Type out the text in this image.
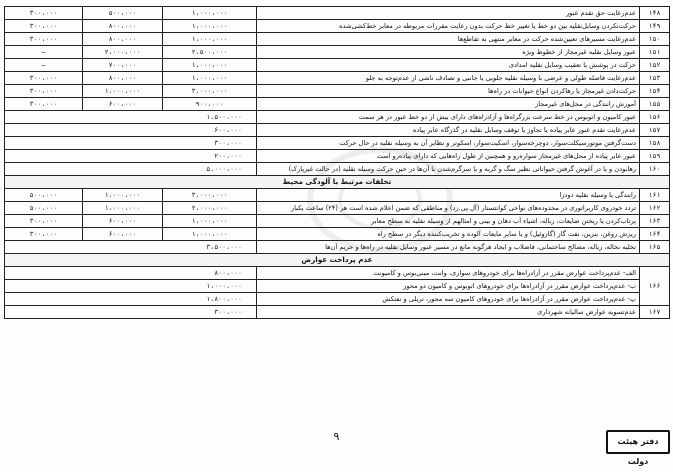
۱۴۸	عدم‌رعایت حق تقدم عبور	۱،۰۰۰،۰۰۰	۵۰۰،۰۰۰	۳۰۰،۰۰۰
۱۴۹	حرکت‌نکردن وسایل‌نقلیه بین دو خط یا تغییر خط حرکت بدون رعایت مقررات مربوطه در معابر خط‌کشی‌شده	۱،۰۰۰،۰۰۰	۸۰۰،۰۰۰	۳۰۰،۰۰۰
۱۵۰	عدم‌رعایت مسیرهای تعیین‌شده حرکت در معابر منتهی به تقاطع‌ها	۱،۰۰۰،۰۰۰	۸۰۰،۰۰۰	۳۰۰،۰۰۰
۱۵۱	عبور وسایل نقلیه غیرمجاز از خطوط ویژه	۲،۵۰۰،۰۰۰	۲،۰۰۰،۰۰۰	—
۱۵۲	حرکت در پوشش یا تعقیب وسایل نقلیه امدادی	۱،۰۰۰،۰۰۰	۷۰۰،۰۰۰	—
۱۵۳	عدم‌رعایت فاصله طولی و عرضی با وسیله نقلیه جلویی یا جانبی و تصادف ناشی از عدم‌توجه به جلو	۱،۰۰۰،۰۰۰	۸۰۰،۰۰۰	۳۰۰،۰۰۰
۱۵۴	حرکت‌دادن غیرمجاز یا رهاکردن انواع حیوانات در راه‌ها	۳،۰۰۰،۰۰۰	۱،۰۰۰،۰۰۰	۳۰۰،۰۰۰
۱۵۵	آموزش رانندگی در محل‌های غیرمجاز	۹۰۰،۰۰۰	۶۰۰،۰۰۰	۳۰۰،۰۰۰
۱۵۶	عبور کامیون و اتوبوس در خط سرعت بزرگراه‌ها و آزادراه‌های دارای بیش از دو خط عبور در هر سمت	۱،۵۰۰،۰۰۰		
۱۵۷	عدم‌رعایت تقدم عبور عابر پیاده یا تجاوز یا توقف وسایل نقلیه در گذرگاه عابر پیاده	۶۰۰،۰۰۰		
۱۵۸	دست‌گرفتن موتورسیکلت‌سوار، دوچرخه‌سوار، اسکیت‌سوار، اسکوتر و نظایر آن به وسیله نقلیه در حال حرکت	۳۰۰،۰۰۰		
۱۵۹	عبور عابر پیاده از محل‌های غیرمجاز سواره‌رو و همچنین از طول راه‌هایی که دارای پیاده‌رو است	۲۰۰،۰۰۰		
۱۶۰	رهابودن و یا در آغوش گرفتن حیواناتی نظیر سگ و گربه و یا سرگرم‌شدن با آن‌ها در حین حرکت وسیله نقلیه (در حالت غیرپارک)	۵،۰۰۰،۰۰۰		
تخلفات مرتبط با آلودگی محیط				
۱۶۱	رانندگی با وسیله نقلیه دودزا	۳،۰۰۰،۰۰۰	۱،۰۰۰،۰۰۰	۵۰۰،۰۰۰
۱۶۲	تردد خودروی کاربراتوری در محدوده‌های نواحی کوانتستار (آل.پی.زد) و مناطقی که ضمن اعلام شده است هر (۲۴) ساعت یکبار	۲،۰۰۰،۰۰۰	۱،۰۰۰،۰۰۰	۵۰۰،۰۰۰
۱۶۳	پرتاب‌کردن یا ریختن ضایعات، زباله، اشیاء آب دهان و بینی و امثالهم از وسیله نقلیه به سطح معابر	۱،۰۰۰،۰۰۰	۶۰۰،۰۰۰	۳۰۰،۰۰۰
۱۶۴	ریزش روغن، بنزین، نفت گاز (گازوئیل) و یا سایر مایعات آلوده و تخریب‌کننده دیگر در سطح راه	۱،۰۰۰،۰۰۰	۶۰۰،۰۰۰	۳۰۰،۰۰۰
۱۶۵	تخلیه نخاله، زباله، مصالح ساختمانی، فاضلاب و ایجاد هرگونه مانع در مسیر عبور وسایل نقلیه در راه‌ها و حریم آن‌ها	۳،۵۰۰،۰۰۰		
عدم پرداخت عوارض				
۱۶۶	الف- عدم‌پرداخت عوارض مقرر در آزادراه‌ها برای خودروهای سواری، وانت، مینی‌بوس و کامیونت	۸۰۰،۰۰۰		
	ب- عدم‌پرداخت عوارض مقرر در آزادراه‌ها برای خودروهای اتوبوس و کامیون دو محور	۱،۰۰۰،۰۰۰		
	پ- عدم‌پرداخت عوارض مقرر در آزادراه‌ها برای خودروهای کامیون سه محور، تریلی و نفتکش	۱،۸۰۰،۰۰۰		
۱۶۷	عدم‌تسویه عوارض سالیانه شهرداری	۳۰۰،۰۰۰		
۹	دفتر هیئت دولت
